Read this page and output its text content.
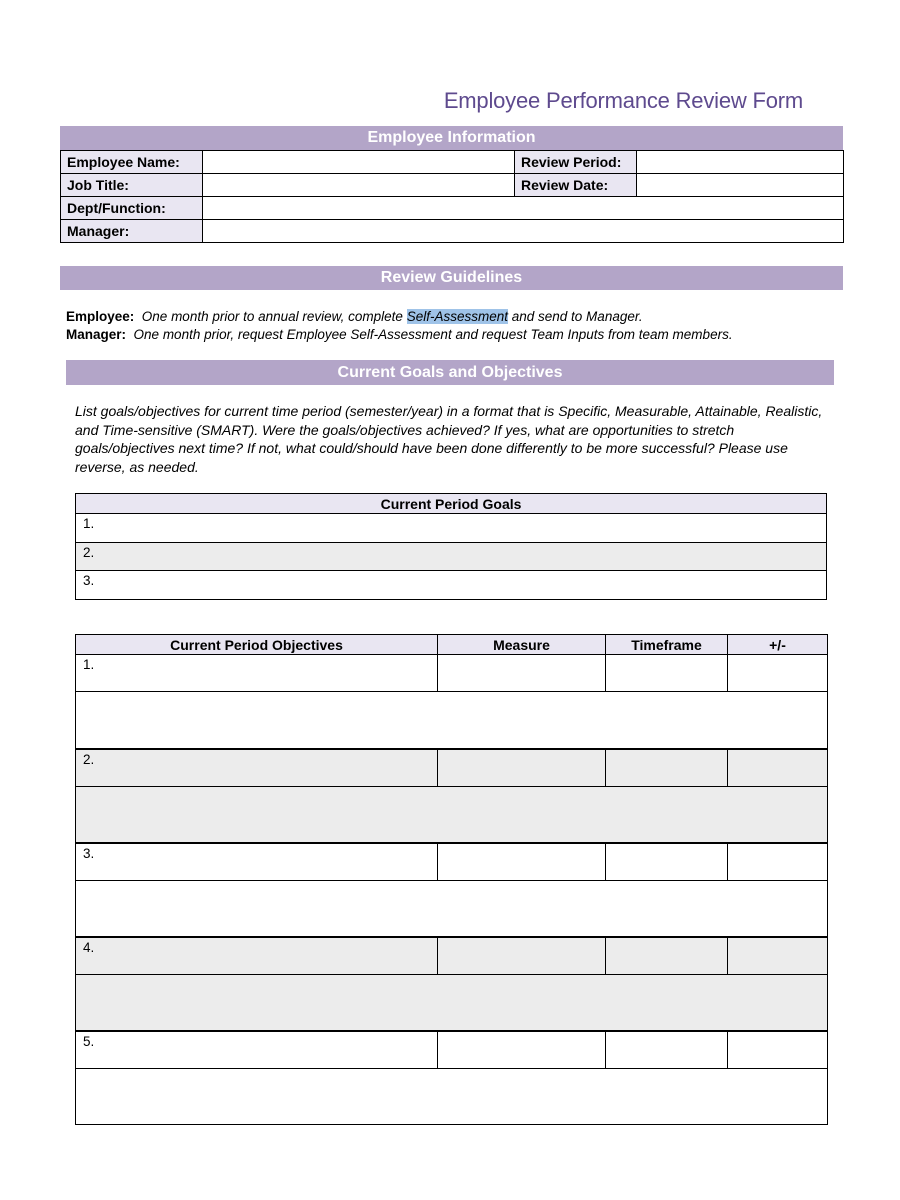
Employee Performance Review Form
Employee Information
Employee Name:		Review Period:	
Job Title:		Review Date:	
Dept/Function:			
Manager:			
Review Guidelines
Employee: One month prior to annual review, complete Self-Assessment and send to Manager.
Manager: One month prior, request Employee Self-Assessment and request Team Inputs from team members.
Current Goals and Objectives
List goals/objectives for current time period (semester/year) in a format that is Specific, Measurable, Attainable, Realistic, and Time-sensitive (SMART). Were the goals/objectives achieved? If yes, what are opportunities to stretch goals/objectives next time? If not, what could/should have been done differently to be more successful? Please use reverse, as needed.
Current Period Goals
1.
2.
3.
Current Period Objectives	Measure	Timeframe	+/-
1.			

2.			

3.			

4.			

5.			
